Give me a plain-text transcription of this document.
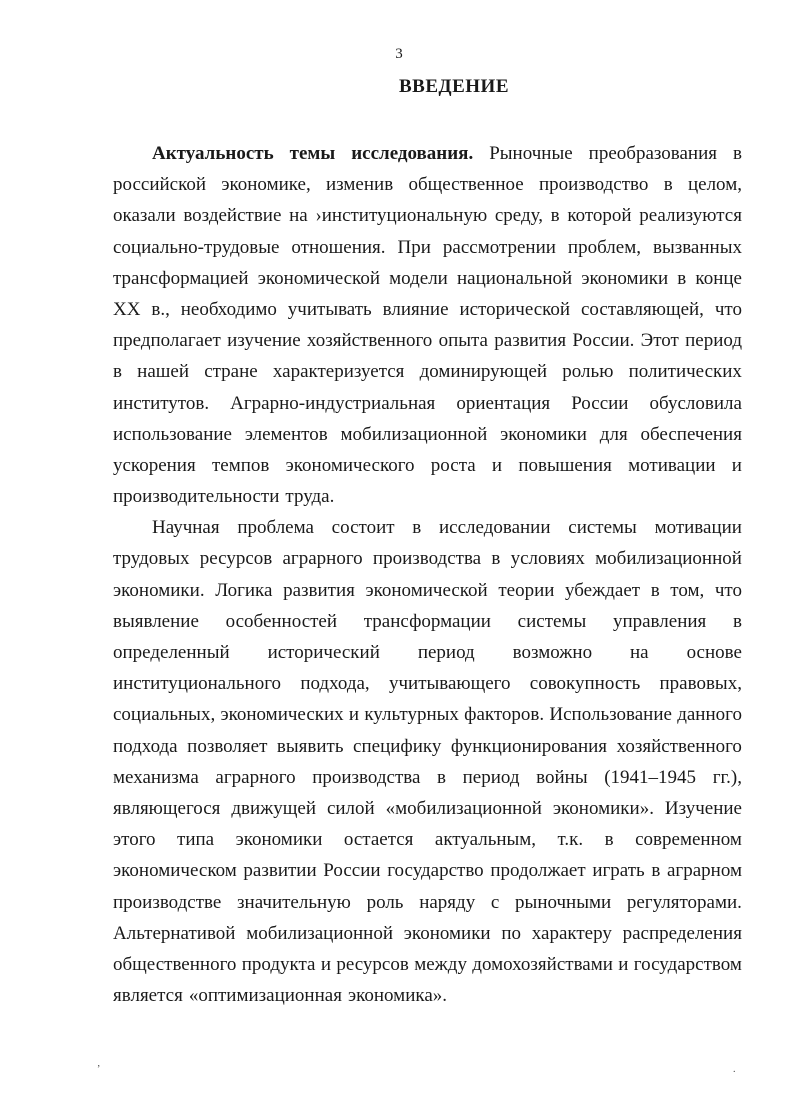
3
ВВЕДЕНИЕ
Актуальность темы исследования. Рыночные преобразования в
российской экономике, изменив общественное производство в целом,
оказали воздействие на ›институциональную среду, в которой реализуются
социально-трудовые отношения. При рассмотрении проблем, вызванных
трансформацией экономической модели национальной экономики в конце
XX в., необходимо учитывать влияние исторической составляющей, что
предполагает изучение хозяйственного опыта развития России. Этот период
в нашей стране характеризуется доминирующей ролью политических
институтов. Аграрно-индустриальная ориентация России обусловила
использование элементов мобилизационной экономики для обеспечения
ускорения темпов экономического роста и повышения мотивации и
производительности труда.
Научная проблема состоит в исследовании системы мотивации
трудовых ресурсов аграрного производства в условиях мобилизационной
экономики. Логика развития экономической теории убеждает в том, что
выявление особенностей трансформации системы управления в
определенный исторический период возможно на основе
институционального подхода, учитывающего совокупность правовых,
социальных, экономических и культурных факторов. Использование данного
подхода позволяет выявить специфику функционирования хозяйственного
механизма аграрного производства в период войны (1941–1945 гг.),
являющегося движущей силой «мобилизационной экономики». Изучение
этого типа экономики остается актуальным, т.к. в современном
экономическом развитии России государство продолжает играть в аграрном
производстве значительную роль наряду с рыночными регуляторами.
Альтернативой мобилизационной экономики по характеру распределения
общественного продукта и ресурсов между домохозяйствами и государством
является «оптимизационная экономика».
‚
.
